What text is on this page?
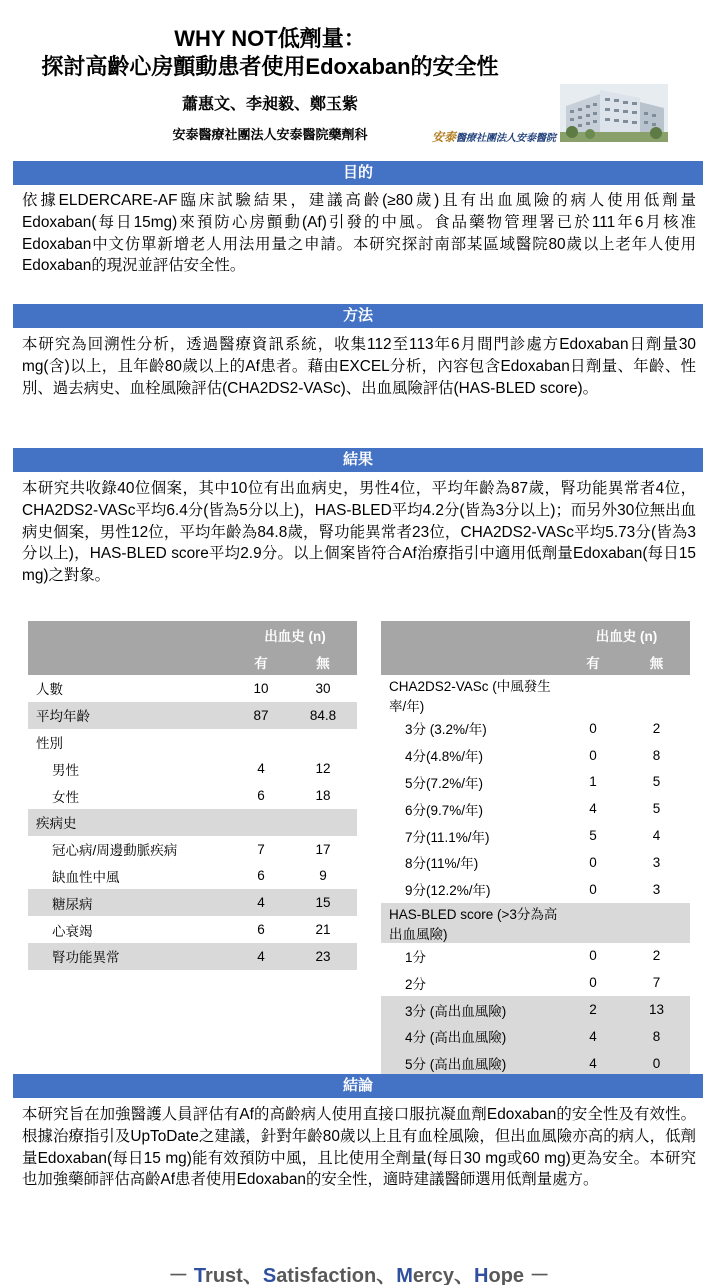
WHY NOT低劑量：
探討高齡心房顫動患者使用Edoxaban的安全性
蕭惠文、李昶毅、鄭玉紫
安泰醫療社團法人安泰醫院藥劑科	安泰醫療社團法人安泰醫院
目的
依據ELDERCARE-AF臨床試驗結果，建議高齡(≥80歲)且有出血風險的病人使用低劑量Edoxaban(每日15mg)來預防心房顫動(Af)引發的中風。食品藥物管理署已於111年6月核准Edoxaban中文仿單新增老人用法用量之申請。本研究探討南部某區域醫院80歲以上老年人使用Edoxaban的現況並評估安全性。
方法
本研究為回溯性分析，透過醫療資訊系統，收集112至113年6月間門診處方Edoxaban日劑量30 mg(含)以上，且年齡80歲以上的Af患者。藉由EXCEL分析，內容包含Edoxaban日劑量、年齡、性別、過去病史、血栓風險評估(CHA2DS2-VASc)、出血風險評估(HAS-BLED score)。
結果
本研究共收錄40位個案，其中10位有出血病史，男性4位，平均年齡為87歲，腎功能異常者4位，CHA2DS2-VASc平均6.4分(皆為5分以上)，HAS-BLED平均4.2分(皆為3分以上)；而另外30位無出血病史個案，男性12位，平均年齡為84.8歲，腎功能異常者23位，CHA2DS2-VASc平均5.73分(皆為3分以上)，HAS-BLED score平均2.9分。以上個案皆符合Af治療指引中適用低劑量Edoxaban(每日15 mg)之對象。
	出血史 (n)	
	有	無
人數	10	30
平均年齡	87	84.8
性別		
男性	4	12
女性	6	18
疾病史		
冠心病/周邊動脈疾病	7	17
缺血性中風	6	9
糖尿病	4	15
心衰竭	6	21
腎功能異常	4	23
	出血史 (n)	
	有	無
CHA2DS2-VASc (中風發生率/年)		
3分 (3.2%/年)	0	2
4分(4.8%/年)	0	8
5分(7.2%/年)	1	5
6分(9.7%/年)	4	5
7分(11.1%/年)	5	4
8分(11%/年)	0	3
9分(12.2%/年)	0	3
HAS-BLED score (>3分為高出血風險)		
1分	0	2
2分	0	7
3分 (高出血風險)	2	13
4分 (高出血風險)	4	8
5分 (高出血風險)	4	0
結論
本研究旨在加強醫護人員評估有Af的高齡病人使用直接口服抗凝血劑Edoxaban的安全性及有效性。根據治療指引及UpToDate之建議，針對年齡80歲以上且有血栓風險，但出血風險亦高的病人，低劑量Edoxaban(每日15 mg)能有效預防中風，且比使用全劑量(每日30 mg或60 mg)更為安全。本研究也加強藥師評估高齡Af患者使用Edoxaban的安全性，適時建議醫師選用低劑量處方。
－ Trust、Satisfaction、Mercy、Hope －
